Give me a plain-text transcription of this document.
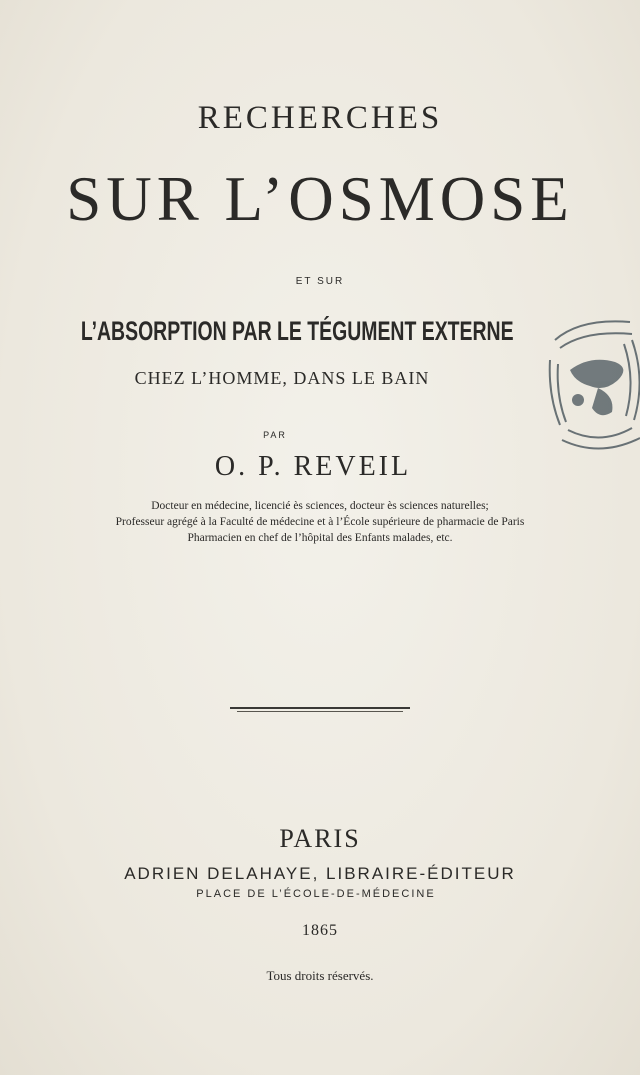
RECHERCHES
SUR L’OSMOSE
ET SUR
L’ABSORPTION PAR LE TÉGUMENT EXTERNE
CHEZ L’HOMME, DANS LE BAIN
PAR
O. P. REVEIL
Docteur en médecine, licencié ès sciences, docteur ès sciences naturelles;
Professeur agrégé à la Faculté de médecine et à l’École supérieure de pharmacie de Paris
Pharmacien en chef de l’hôpital des Enfants malades, etc.
PARIS
ADRIEN DELAHAYE, LIBRAIRE-ÉDITEUR
PLACE DE L’ÉCOLE-DE-MÉDECINE
1865
Tous droits réservés.
